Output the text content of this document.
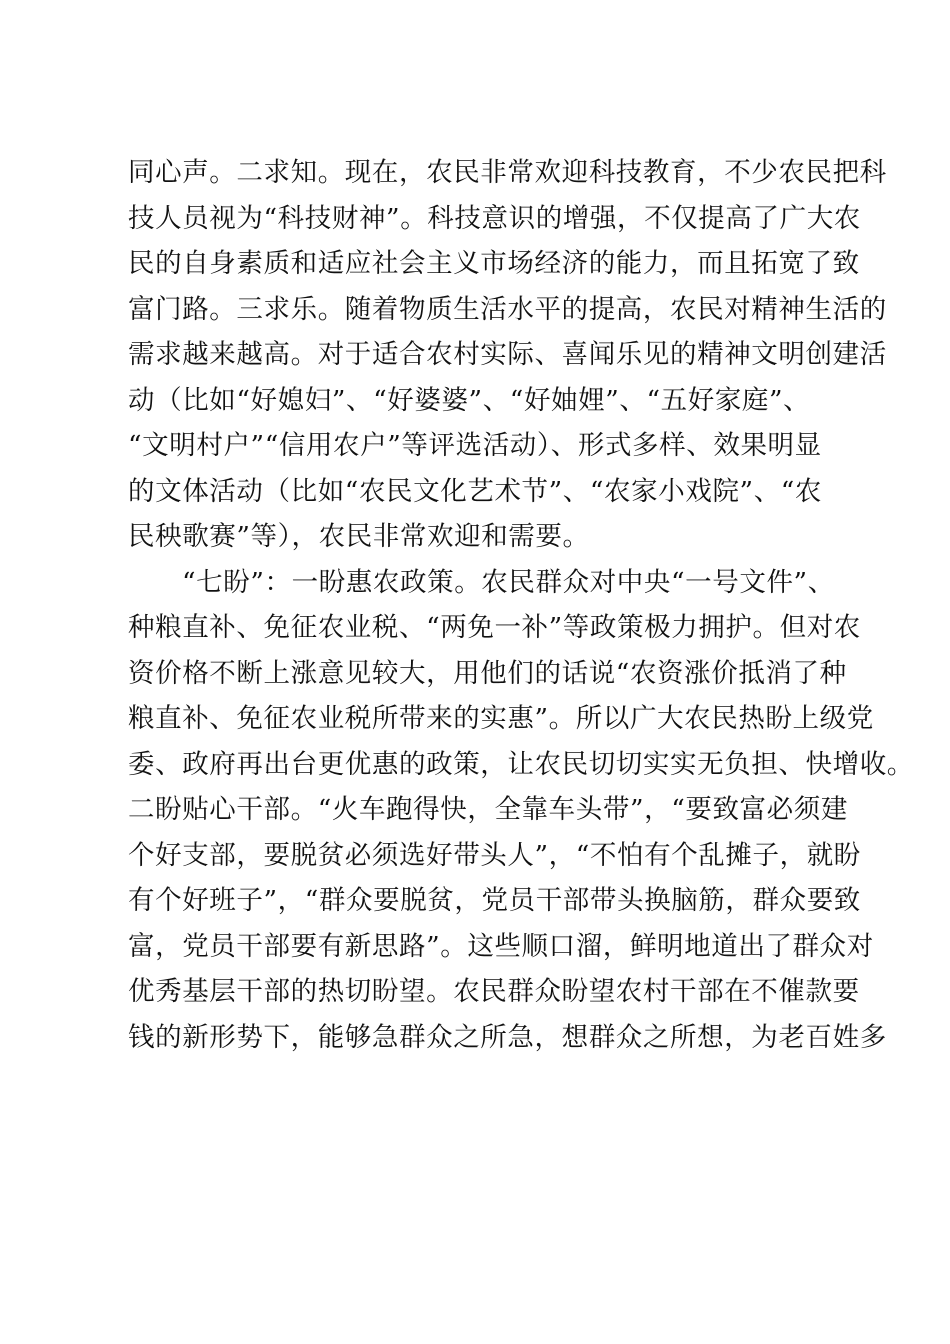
同心声。二求知。现在，农民非常欢迎科技教育，不少农民把科
技人员视为“科技财神”。科技意识的增强，不仅提高了广大农
民的自身素质和适应社会主义市场经济的能力，而且拓宽了致
富门路。三求乐。随着物质生活水平的提高，农民对精神生活的
需求越来越高。对于适合农村实际、喜闻乐见的精神文明创建活
动（比如“好媳妇”、“好婆婆”、“好妯娌”、“五好家庭”、
“文明村户”“信用农户”等评选活动）、形式多样、效果明显
的文体活动（比如“农民文化艺术节”、“农家小戏院”、“农
民秧歌赛”等），农民非常欢迎和需要。
“七盼”：一盼惠农政策。农民群众对中央“一号文件”、
种粮直补、免征农业税、“两免一补”等政策极力拥护。但对农
资价格不断上涨意见较大，用他们的话说“农资涨价抵消了种
粮直补、免征农业税所带来的实惠”。所以广大农民热盼上级党
委、政府再出台更优惠的政策，让农民切切实实无负担、快增收。
二盼贴心干部。“火车跑得快，全靠车头带”，“要致富必须建
个好支部，要脱贫必须选好带头人”，“不怕有个乱摊子，就盼
有个好班子”，“群众要脱贫，党员干部带头换脑筋，群众要致
富，党员干部要有新思路”。这些顺口溜，鲜明地道出了群众对
优秀基层干部的热切盼望。农民群众盼望农村干部在不催款要
钱的新形势下，能够急群众之所急，想群众之所想，为老百姓多
